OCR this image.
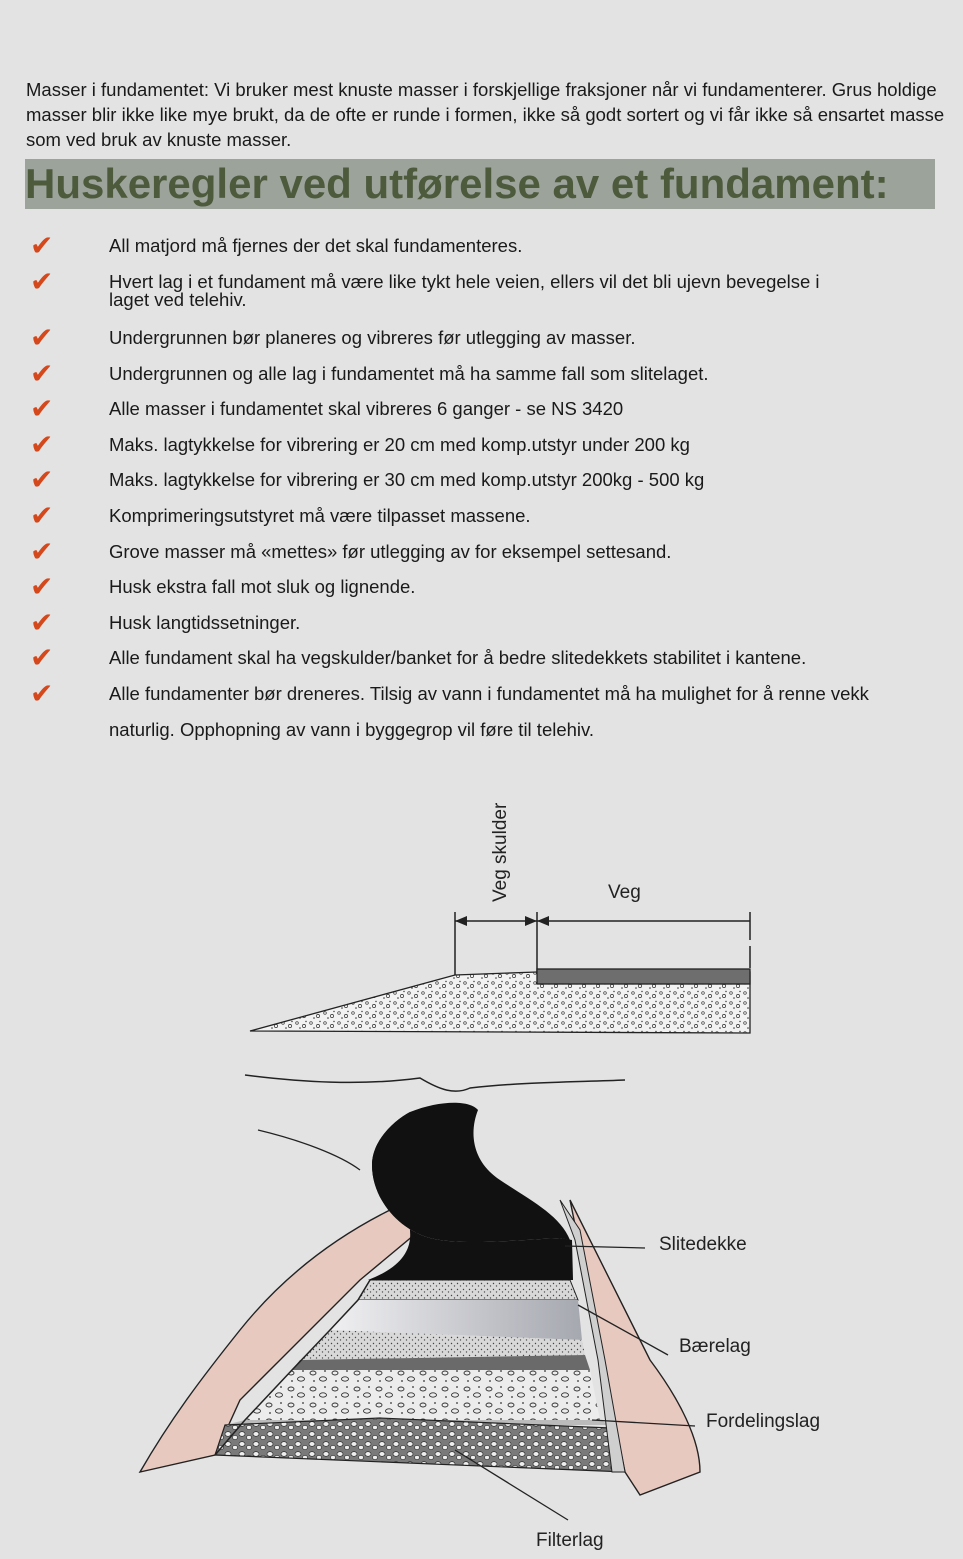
Masser i fundamentet: Vi bruker mest knuste masser i forskjellige fraksjoner når vi fundamenterer. Grus holdige masser blir ikke like mye brukt, da de ofte er runde i formen, ikke så godt sortert og vi får ikke så ensartet masse som ved bruk av knuste masser.

Huskeregler ved utførelse av et fundament:
✔	All matjord må fjernes der det skal fundamenteres.
✔	Hvert lag i et fundament må være like tykt hele veien, ellers vil det bli ujevn bevegelse i laget ved telehiv.
✔	Undergrunnen bør planeres og vibreres før utlegging av masser.
✔	Undergrunnen og alle lag i fundamentet må ha samme fall som slitelaget.
✔	Alle masser i fundamentet skal vibreres 6 ganger - se NS 3420
✔	Maks. lagtykkelse for vibrering er 20 cm med komp.utstyr under 200 kg
✔	Maks. lagtykkelse for vibrering er 30 cm med komp.utstyr 200kg - 500 kg
✔	Komprimeringsutstyret må være tilpasset massene.
✔	Grove masser må «mettes» før utlegging av for eksempel settesand.
✔	Husk ekstra fall mot sluk og lignende.
✔	Husk langtidssetninger.
✔	Alle fundament skal ha vegskulder/banket for å bedre slitedekkets stabilitet i kantene.
✔	Alle fundamenter bør dreneres. Tilsig av vann i fundamentet må ha mulighet for å renne vekk naturlig. Opphopning av vann i byggegrop vil føre til telehiv.
Veg skulder	Veg
Slitedekke
Bærelag
Fordelingslag
Filterlag
